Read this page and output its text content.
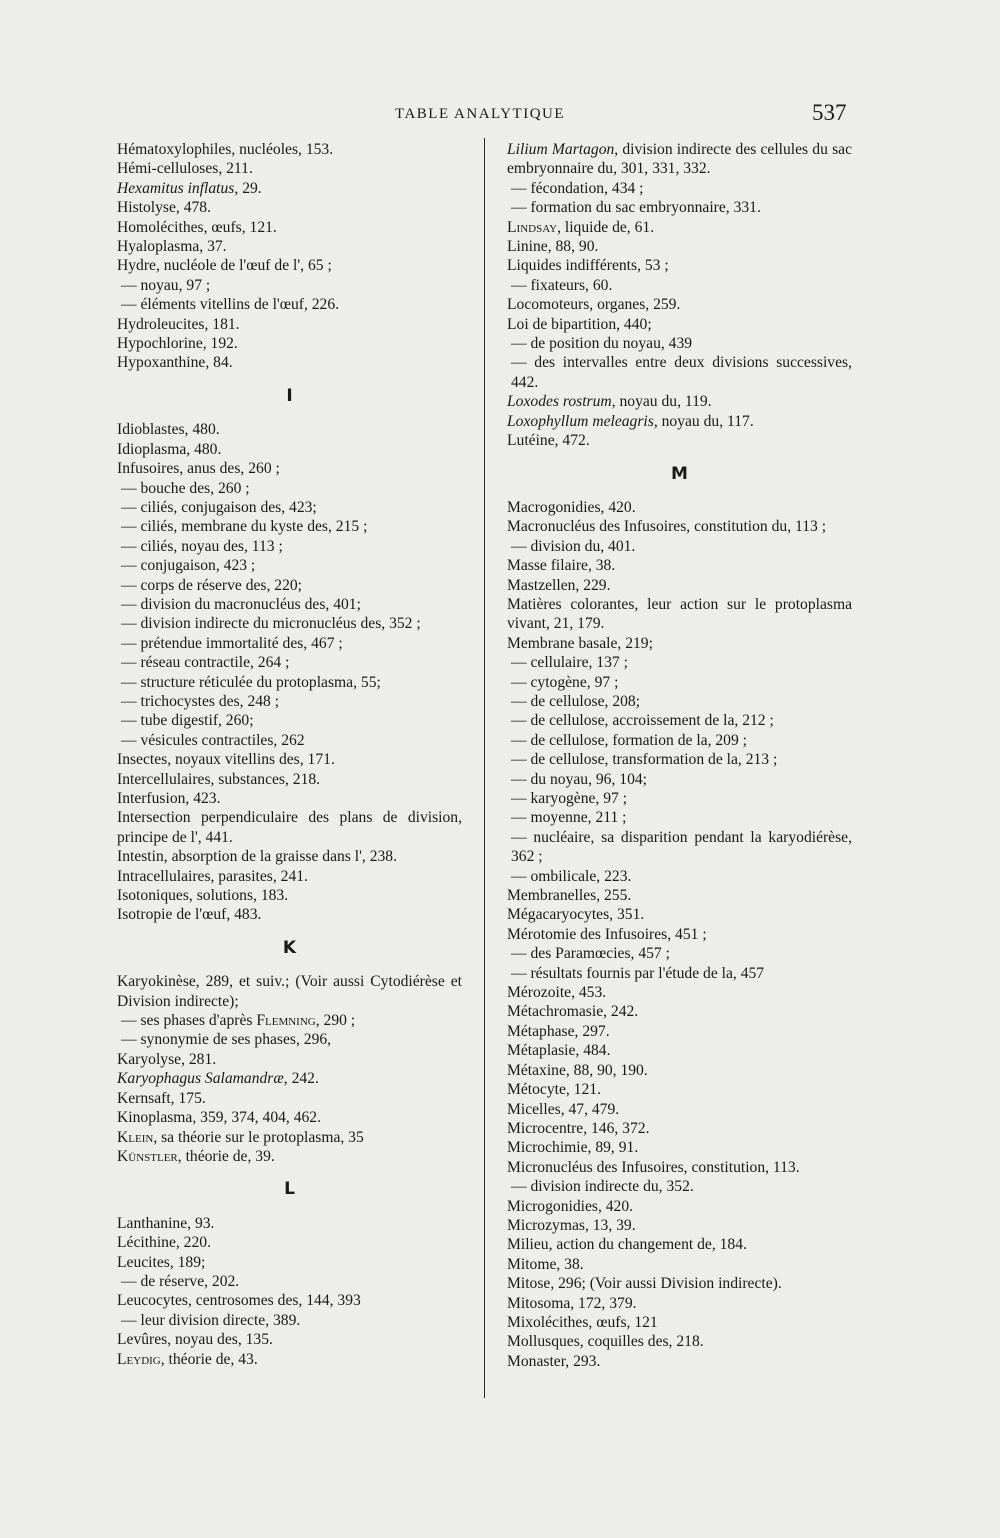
TABLE ANALYTIQUE	537
Hématoxylophiles, nucléoles, 153.
Hémi-celluloses, 211.
Hexamitus inflatus, 29.
Histolyse, 478.
Homolécithes, œufs, 121.
Hyaloplasma, 37.
Hydre, nucléole de l'œuf de l', 65 ;
— noyau, 97 ;
— éléments vitellins de l'œuf, 226.
Hydroleucites, 181.
Hypochlorine, 192.
Hypoxanthine, 84.
I
Idioblastes, 480.
Idioplasma, 480.
Infusoires, anus des, 260 ;
— bouche des, 260 ;
— ciliés, conjugaison des, 423;
— ciliés, membrane du kyste des, 215 ;
— ciliés, noyau des, 113 ;
— conjugaison, 423 ;
— corps de réserve des, 220;
— division du macronucléus des, 401;
— division indirecte du micronucléus des, 352 ;
— prétendue immortalité des, 467 ;
— réseau contractile, 264 ;
— structure réticulée du protoplasma, 55;
— trichocystes des, 248 ;
— tube digestif, 260;
— vésicules contractiles, 262
Insectes, noyaux vitellins des, 171.
Intercellulaires, substances, 218.
Interfusion, 423.
Intersection perpendiculaire des plans de division, principe de l', 441.
Intestin, absorption de la graisse dans l', 238.
Intracellulaires, parasites, 241.
Isotoniques, solutions, 183.
Isotropie de l'œuf, 483.
K
Karyokinèse, 289, et suiv.; (Voir aussi Cytodiérèse et Division indirecte);
— ses phases d'après Flemning, 290 ;
— synonymie de ses phases, 296,
Karyolyse, 281.
Karyophagus Salamandræ, 242.
Kernsaft, 175.
Kinoplasma, 359, 374, 404, 462.
Klein, sa théorie sur le protoplasma, 35
Künstler, théorie de, 39.
L
Lanthanine, 93.
Lécithine, 220.
Leucites, 189;
— de réserve, 202.
Leucocytes, centrosomes des, 144, 393
— leur division directe, 389.
Levûres, noyau des, 135.
Leydig, théorie de, 43.
Lilium Martagon, division indirecte des cellules du sac embryonnaire du, 301, 331, 332.
— fécondation, 434 ;
— formation du sac embryonnaire, 331.
Lindsay, liquide de, 61.
Linine, 88, 90.
Liquides indifférents, 53 ;
— fixateurs, 60.
Locomoteurs, organes, 259.
Loi de bipartition, 440;
— de position du noyau, 439
— des intervalles entre deux divisions successives, 442.
Loxodes rostrum, noyau du, 119.
Loxophyllum meleagris, noyau du, 117.
Lutéine, 472.
M
Macrogonidies, 420.
Macronucléus des Infusoires, constitution du, 113 ;
— division du, 401.
Masse filaire, 38.
Mastzellen, 229.
Matières colorantes, leur action sur le protoplasma vivant, 21, 179.
Membrane basale, 219;
— cellulaire, 137 ;
— cytogène, 97 ;
— de cellulose, 208;
— de cellulose, accroissement de la, 212 ;
— de cellulose, formation de la, 209 ;
— de cellulose, transformation de la, 213 ;
— du noyau, 96, 104;
— karyogène, 97 ;
— moyenne, 211 ;
— nucléaire, sa disparition pendant la karyodiérèse, 362 ;
— ombilicale, 223.
Membranelles, 255.
Mégacaryocytes, 351.
Mérotomie des Infusoires, 451 ;
— des Paramœcies, 457 ;
— résultats fournis par l'étude de la, 457
Mérozoite, 453.
Métachromasie, 242.
Métaphase, 297.
Métaplasie, 484.
Métaxine, 88, 90, 190.
Métocyte, 121.
Micelles, 47, 479.
Microcentre, 146, 372.
Microchimie, 89, 91.
Micronucléus des Infusoires, constitution, 113.
— division indirecte du, 352.
Microgonidies, 420.
Microzymas, 13, 39.
Milieu, action du changement de, 184.
Mitome, 38.
Mitose, 296; (Voir aussi Division indirecte).
Mitosoma, 172, 379.
Mixolécithes, œufs, 121
Mollusques, coquilles des, 218.
Monaster, 293.
